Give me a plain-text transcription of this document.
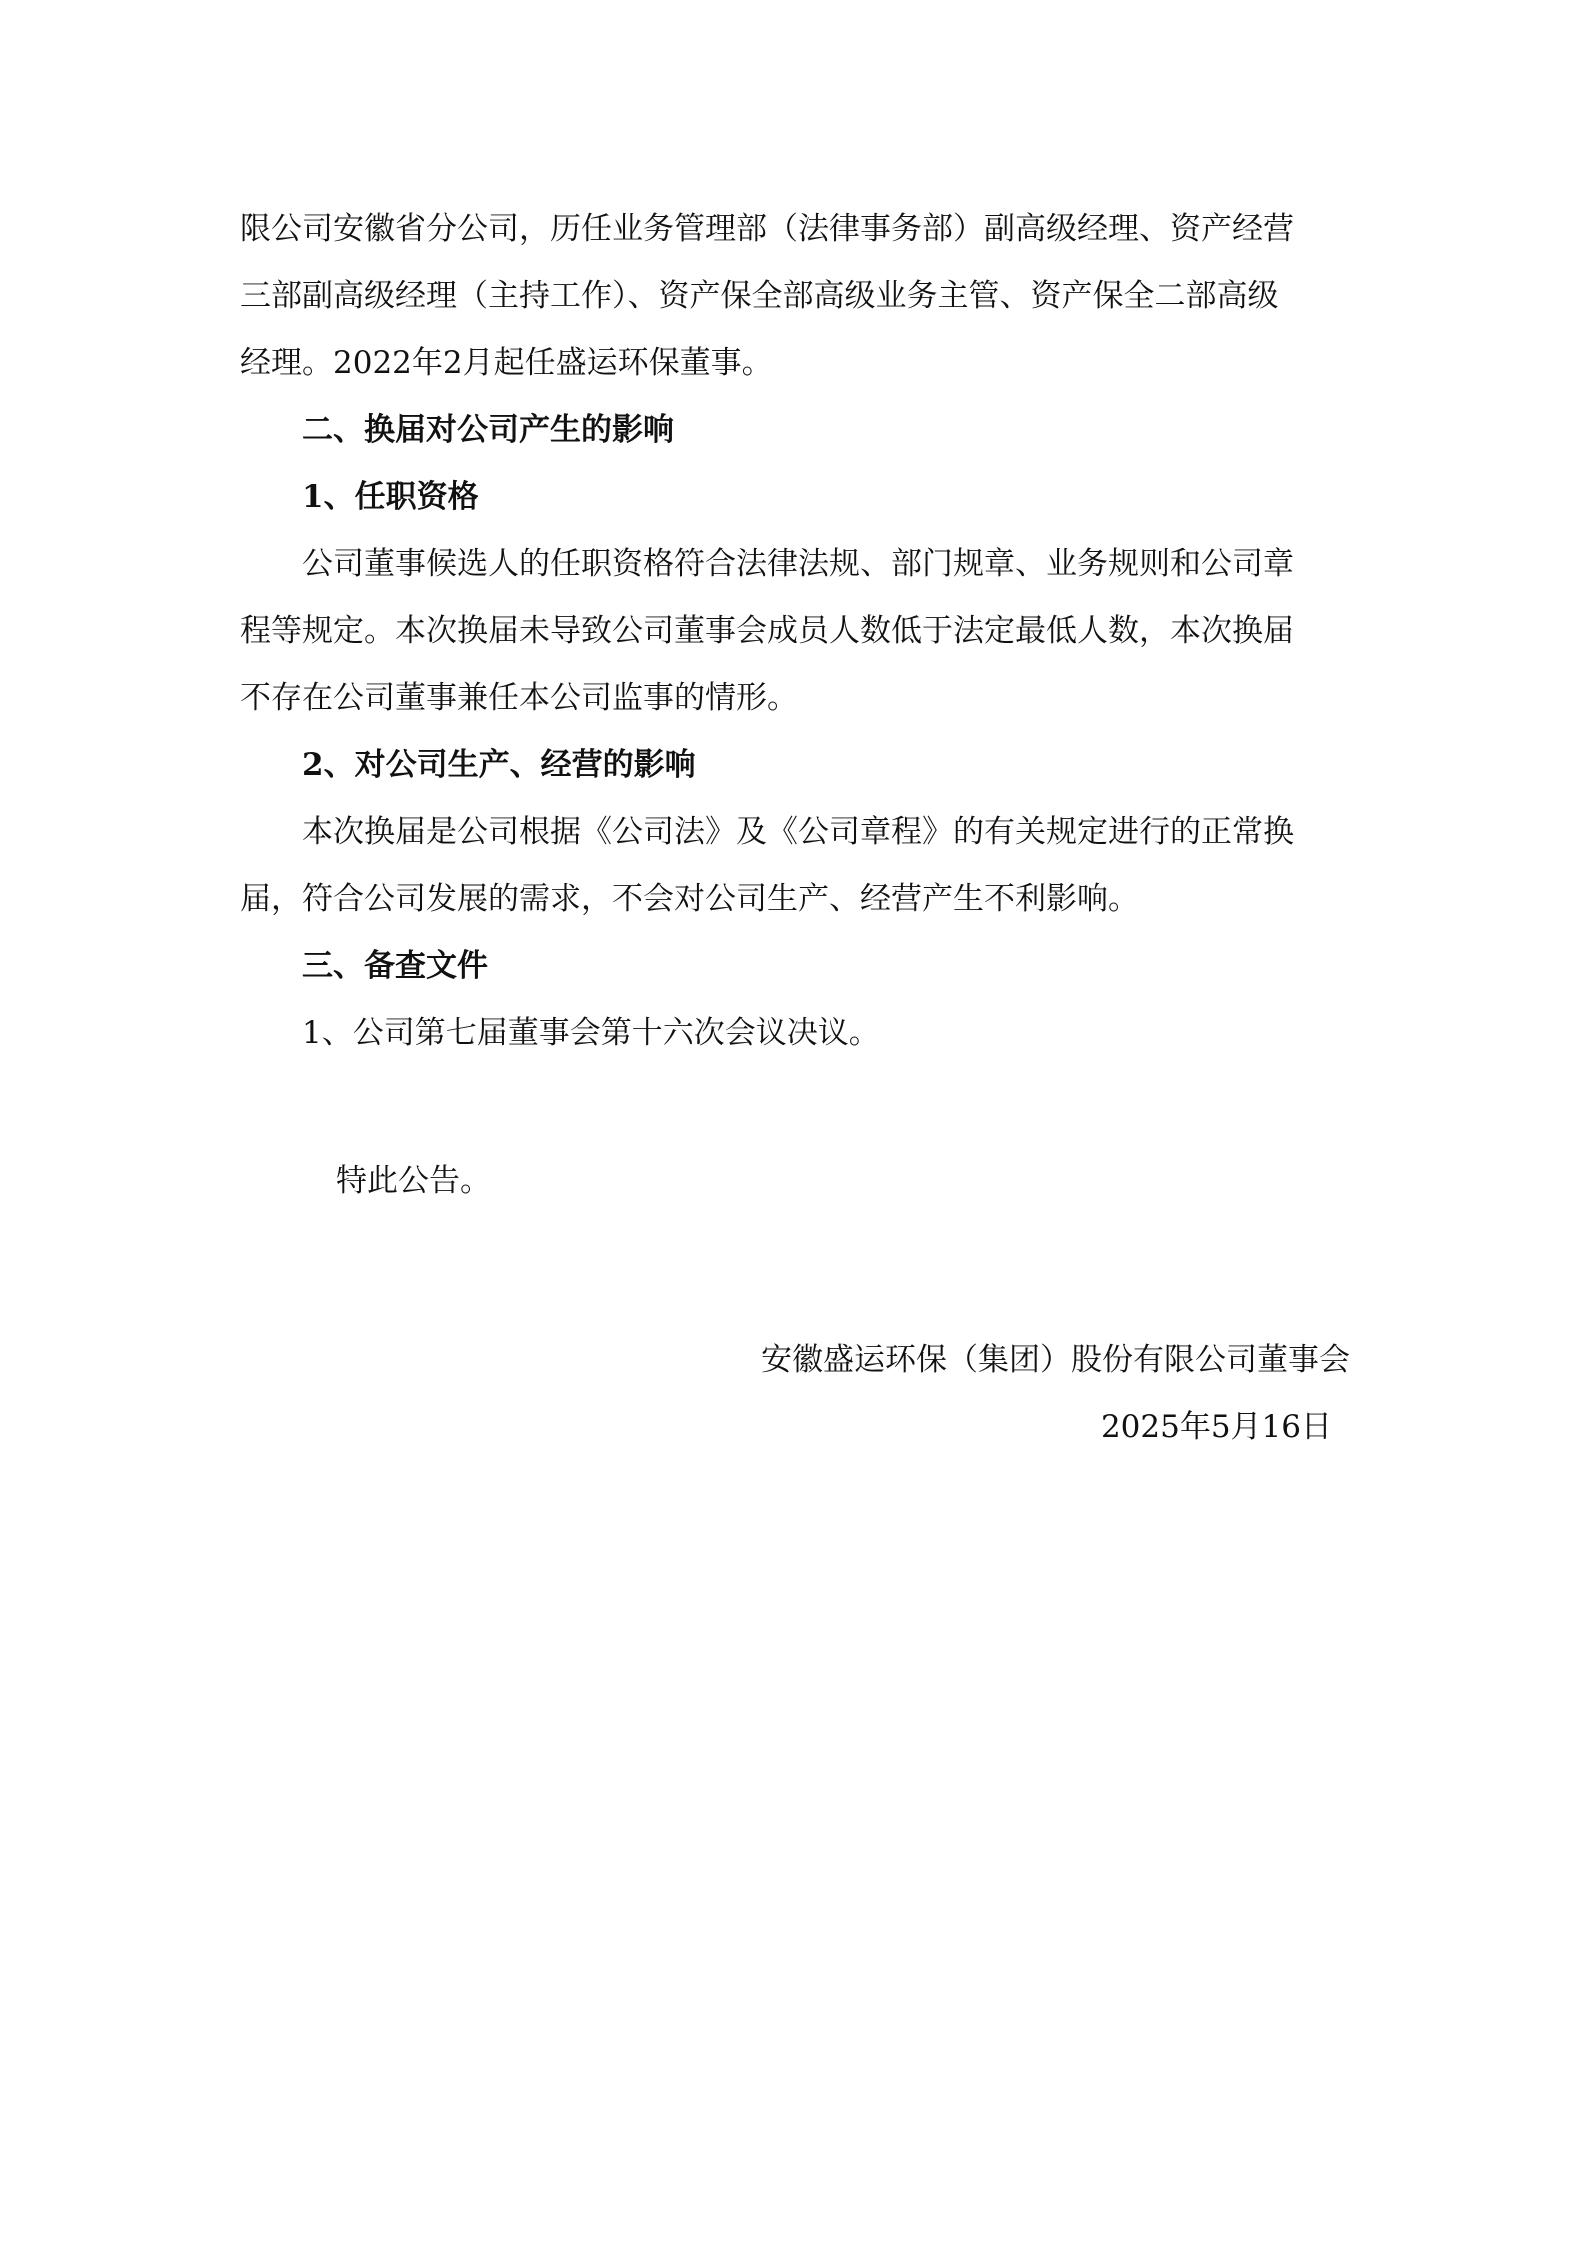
限公司安徽省分公司，历任业务管理部（法律事务部）副高级经理、资产经营
三部副高级经理（主持工作）、资产保全部高级业务主管、资产保全二部高级
经理。2022年2月起任盛运环保董事。

二、换届对公司产生的影响

1、任职资格

公司董事候选人的任职资格符合法律法规、部门规章、业务规则和公司章
程等规定。本次换届未导致公司董事会成员人数低于法定最低人数，本次换届
不存在公司董事兼任本公司监事的情形。

2、对公司生产、经营的影响

本次换届是公司根据《公司法》及《公司章程》的有关规定进行的正常换
届，符合公司发展的需求，不会对公司生产、经营产生不利影响。

三、备查文件

1、公司第七届董事会第十六次会议决议。

特此公告。

安徽盛运环保（集团）股份有限公司董事会
2025年5月16日
